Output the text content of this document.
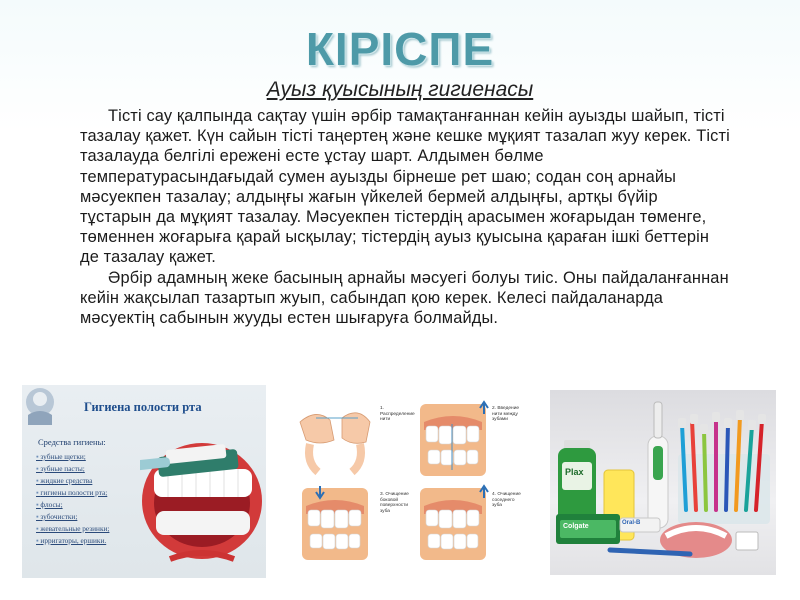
КІРІСПЕ
Ауыз қуысының гигиенасы

Тісті сау қалпында сақтау үшін әрбір тамақтанғаннан кейін ауызды шайып, тісті тазалау қажет. Күн сайын тісті таңертең және кешке мұқият тазалап жуу керек. Тісті тазалауда белгілі ережені есте ұстау шарт. Алдымен бөлме температурасындағыдай сумен ауызды бірнеше рет шаю; содан соң арнайы мәсуекпен тазалау; алдыңғы жағын үйкелей бермей алдыңғы, артқы бүйір тұстарын да мұқият тазалау. Мәсуекпен тістердің арасымен жоғарыдан төменге, төменнен жоғарыға қарай ысқылау; тістердің ауыз қуысына қараған ішкі беттерін де тазалау қажет.

Әрбір адамның жеке басының арнайы мәсуегі болуы тиіс. Оны пайдаланғаннан кейін жақсылап тазартып жуып, сабындап қою керек. Келесі пайдаланарда мәсуектің сабынын жууды естен шығаруға болмайды.

Гигиена полости рта
Средства гигиены:
▪ зубные щетки;
▪ зубные пасты;
▪ жидкие средства
▪ гигиены полости рта;
▪ флосы;
▪ зубочистки;
▪ жевательные резинки;
▪ ирригаторы, ершики.
1. Распределение нити
2. Введение нити между зубами
3. Очищение боковой поверхности зуба
4. Очищение соседнего зуба
Plax
Oral-B
Colgate
